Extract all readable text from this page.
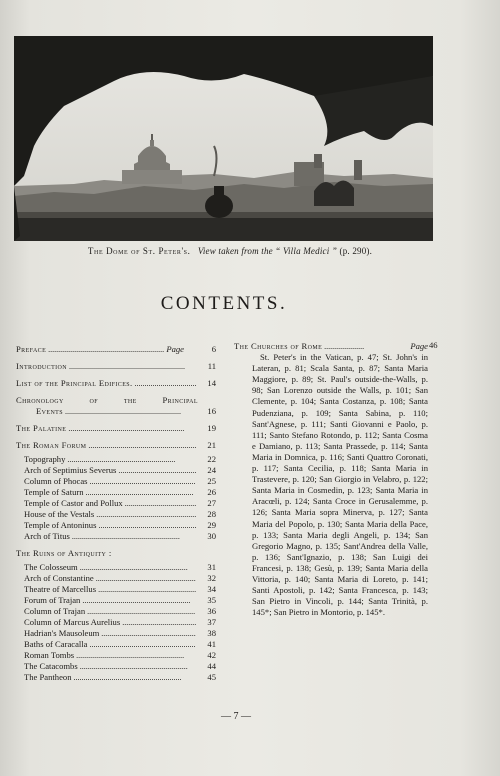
The Dome of St. Peter's. View taken from the “ Villa Medici ” (p. 290).
CONTENTS.
Preface . . .	Page	6
Introduction . . .	11
List of the Principal Edifices. . . .	14
Chronology	of	the	Principal
Events . . .	16
The Palatine . . .	19
The Roman Forum . . .	21
Topography . . .	22
Arch of Septimius Severus . . .	24
Column of Phocas . . .	25
Temple of Saturn . . .	26
Temple of Castor and Pollux . . .	27
House of the Vestals . . .	28
Temple of Antoninus . . .	29
Arch of Titus . . .	30
The Ruins of Antiquity :
The Colosseum . . .	31
Arch of Constantine . . .	32
Theatre of Marcellus . . .	34
Forum of Trajan . . .	35
Column of Trajan . . .	36
Column of Marcus Aurelius . . .	37
Hadrian's Mausoleum . . .	38
Baths of Caracalla . . .	41
Roman Tombs . . .	42
The Catacombs . . .	44
The Pantheon . . .	45
The Churches of Rome . . .	Page 46

St. Peter's in the Vatican, p. 47; St. John's in Lateran, p. 81; Scala Santa, p. 87; Santa Maria Maggiore, p. 89; St. Paul's outside-the-Walls, p. 98; San Lorenzo outside the Walls, p. 101; San Clemente, p. 104; Santa Costanza, p. 108; Santa Pudenziana, p. 109; Santa Sabina, p. 110; Sant'Agnese, p. 111; Santi Giovanni e Paolo, p. 111; Santo Stefano Rotondo, p. 112; Santa Cosma e Damiano, p. 113; Santa Prassede, p. 114; Santa Maria in Domnica, p. 116; Santi Quattro Coronati, p. 117; Santa Cecilia, p. 118; Santa Maria in Trastevere, p. 120; San Giorgio in Velabro, p. 122; Santa Maria in Cosmedin, p. 123; Santa Maria in Aracœli, p. 124; Santa Croce in Gerusalemme, p. 126; Santa Maria sopra Minerva, p. 127; Santa Maria del Popolo, p. 130; Santa Maria della Pace, p. 133; Santa Maria degli Angeli, p. 134; San Gregorio Magno, p. 135; Sant'Andrea della Valle, p. 136; Sant'Ignazio, p. 138; San Luigi dei Francesi, p. 138; Gesù, p. 139; Santa Maria della Vittoria, p. 140; Santa Maria di Loreto, p. 141; Santi Apostoli, p. 142; Santa Francesca, p. 143; San Pietro in Vincoli, p. 144; Santa Trinità, p. 145*; San Pietro in Montorio, p. 145*.

— 7 —
